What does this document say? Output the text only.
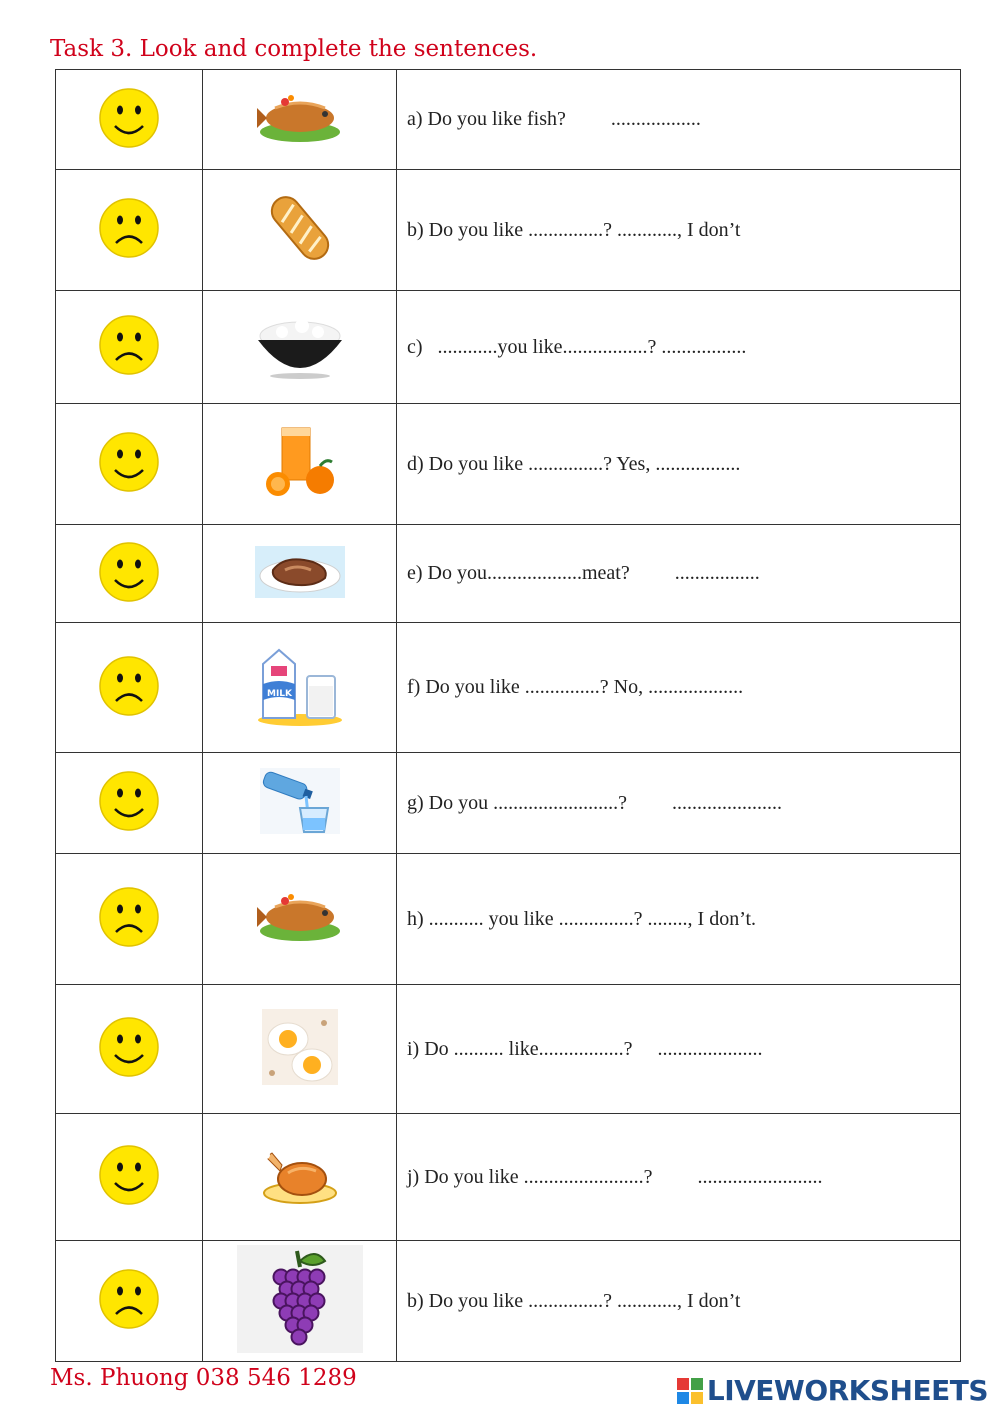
Task 3. Look and complete the sentences.
		a) Do you like fish?   ..................
		b) Do you like ...............? ............, I don’t
		c)  ............you like.................? .................
		d) Do you like ...............? Yes, .................
		e) Do you...................meat?   .................

MILK	f) Do you like ...............? No, ...................
		g) Do you .........................?   ......................
		h) ........... you like ...............? ........, I don’t.
		i) Do .......... like.................?  .....................
		j) Do you like ........................?   .........................
		b) Do you like ...............? ............, I don’t
Ms. Phuong 038 546 1289	LIVEWORKSHEETS
